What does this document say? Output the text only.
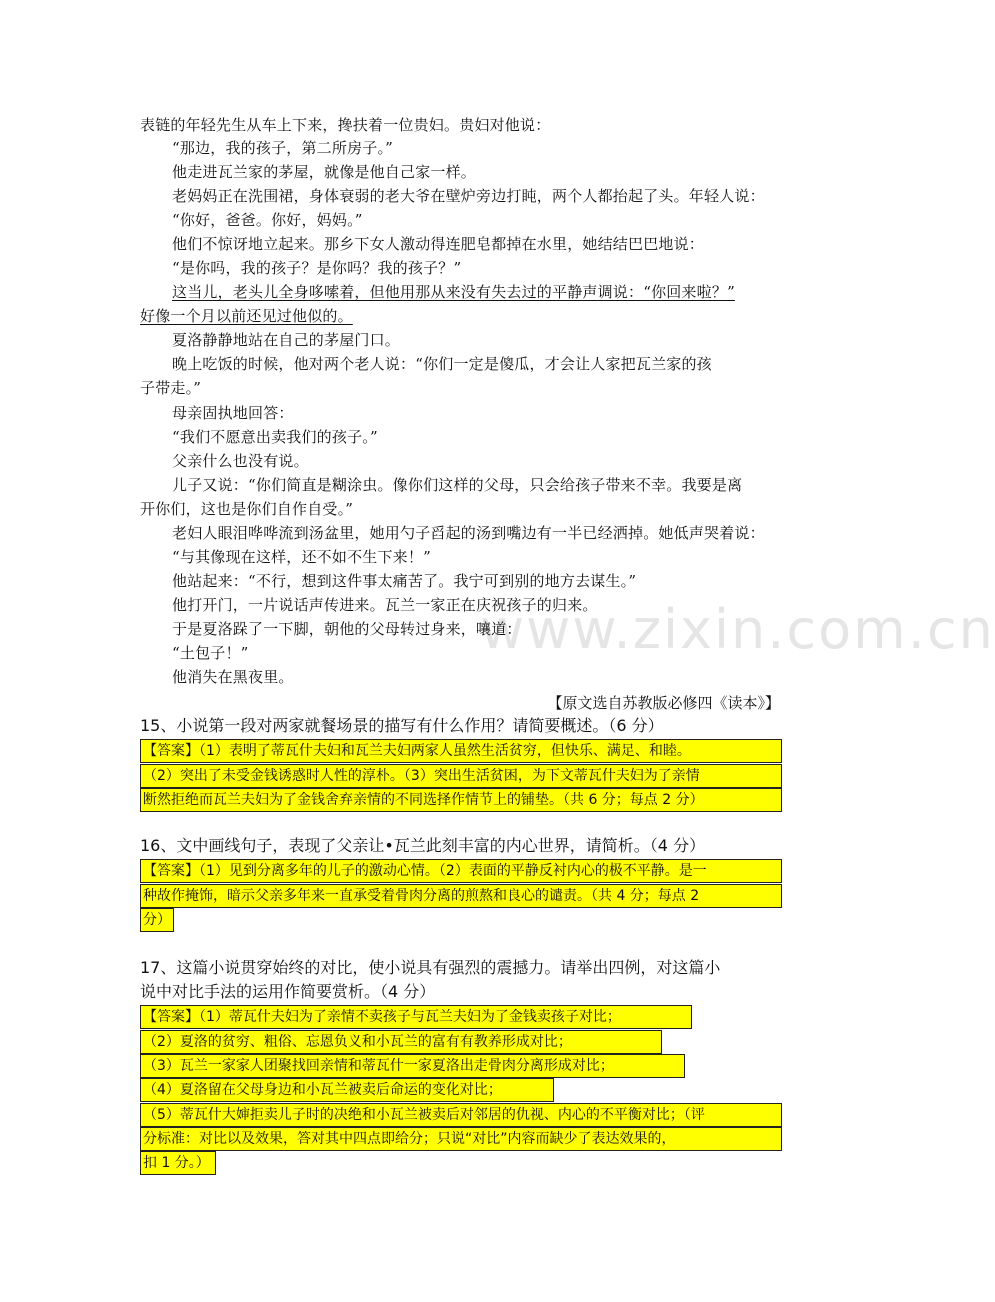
www.zixin.com.cn
表链的年轻先生从车上下来，搀扶着一位贵妇。贵妇对他说：
“那边，我的孩子，第二所房子。”
他走进瓦兰家的茅屋，就像是他自己家一样。
老妈妈正在洗围裙，身体衰弱的老大爷在壁炉旁边打盹，两个人都抬起了头。年轻人说：
“你好，爸爸。你好，妈妈。”
他们不惊讶地立起来。那乡下女人激动得连肥皂都掉在水里，她结结巴巴地说：
“是你吗，我的孩子？是你吗？我的孩子？”
这当儿，老头儿全身哆嗦着，但他用那从来没有失去过的平静声调说：“你回来啦？”
好像一个月以前还见过他似的。
夏洛静静地站在自己的茅屋门口。
晚上吃饭的时候，他对两个老人说：“你们一定是傻瓜，才会让人家把瓦兰家的孩
子带走。”
母亲固执地回答：
“我们不愿意出卖我们的孩子。”
父亲什么也没有说。
儿子又说：“你们简直是糊涂虫。像你们这样的父母，只会给孩子带来不幸。我要是离
开你们，这也是你们自作自受。”
老妇人眼泪哗哗流到汤盆里，她用勺子舀起的汤到嘴边有一半已经洒掉。她低声哭着说：
“与其像现在这样，还不如不生下来！”
他站起来：“不行，想到这件事太痛苦了。我宁可到别的地方去谋生。”
他打开门，一片说话声传进来。瓦兰一家正在庆祝孩子的归来。
于是夏洛跺了一下脚，朝他的父母转过身来，嚷道：
“土包子！”
他消失在黑夜里。
【原文选自苏教版必修四《读本》】
15、小说第一段对两家就餐场景的描写有什么作用？请简要概述。（6 分）
【答案】（1）表明了蒂瓦什夫妇和瓦兰夫妇两家人虽然生活贫穷，但快乐、满足、和睦。
（2）突出了未受金钱诱惑时人性的淳朴。（3）突出生活贫困，为下文蒂瓦什夫妇为了亲情
断然拒绝而瓦兰夫妇为了金钱舍弃亲情的不同选择作情节上的铺垫。（共 6 分；每点 2 分）
16、文中画线句子，表现了父亲让•瓦兰此刻丰富的内心世界，请简析。（4 分）
【答案】（1）见到分离多年的儿子的激动心情。（2）表面的平静反衬内心的极不平静。是一
种故作掩饰，暗示父亲多年来一直承受着骨肉分离的煎熬和良心的谴责。（共 4 分；每点 2
分）
17、这篇小说贯穿始终的对比，使小说具有强烈的震撼力。请举出四例，对这篇小
说中对比手法的运用作简要赏析。（4 分）
【答案】（1）蒂瓦什夫妇为了亲情不卖孩子与瓦兰夫妇为了金钱卖孩子对比；
（2）夏洛的贫穷、粗俗、忘恩负义和小瓦兰的富有有教养形成对比；
（3）瓦兰一家家人团聚找回亲情和蒂瓦什一家夏洛出走骨肉分离形成对比；
（4）夏洛留在父母身边和小瓦兰被卖后命运的变化对比；
（5）蒂瓦什大婶拒卖儿子时的决绝和小瓦兰被卖后对邻居的仇视、内心的不平衡对比；（评
分标准：对比以及效果，答对其中四点即给分；只说“对比”内容而缺少了表达效果的，
扣 1 分。）
